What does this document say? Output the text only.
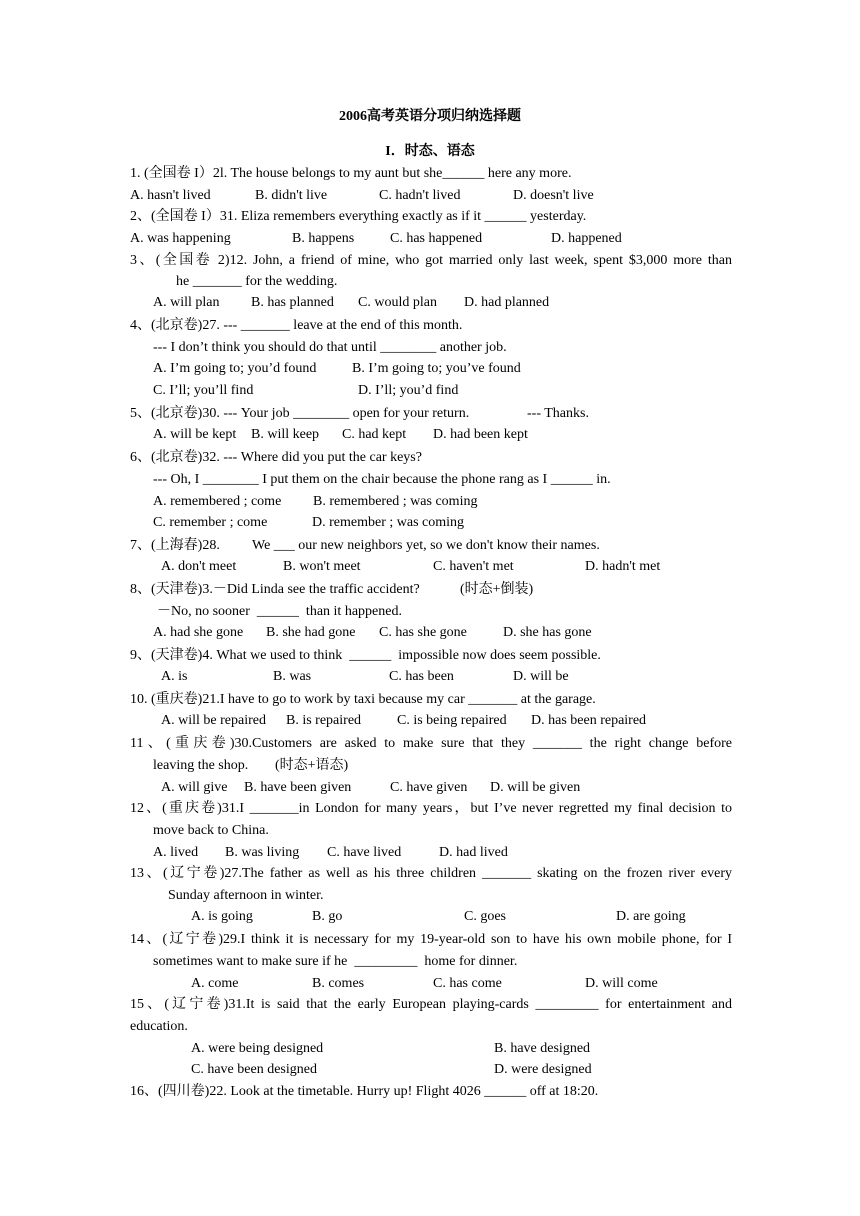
2006高考英语分项归纳选择题
I．时态、语态
1. (全国卷 I）2l. The house belongs to my aunt but she______ here any more.
A. hasn't lived	B. didn't live	C. hadn't lived	D. doesn't live
2、(全国卷 I）31. Eliza remembers everything exactly as if it ______ yesterday.
A. was happening	B. happens	C. has happened	D. happened
3、(全国卷 2)12. John, a friend of mine, who got married only last week, spent $3,000 more than
he _______ for the wedding.
A. will plan B. has planned C. would plan D. had planned
4、(北京卷)27. --- _______ leave at the end of this month.
--- I don’t think you should do that until ________ another job.
A. I’m going to; you’d found	B. I’m going to; you’ve found
C. I’ll; you’ll find	D. I’ll; you’d find
5、(北京卷)30. --- Your job ________ open for your return.	--- Thanks.
A. will be kept B. will keep C. had kept D. had been kept
6、(北京卷)32. --- Where did you put the car keys?
--- Oh, I ________ I put them on the chair because the phone rang as I ______ in.
A. remembered ; come B. remembered ; was coming
C. remember ; come	D. remember ; was coming
7、(上海春)28. We ___ our new neighbors yet, so we don't know their names.
A. don't meet	B. won't meet	C. haven't met	D. hadn't met
8、(天津卷)3.－Did Linda see the traffic accident?	(时态+倒装)
－No, no sooner  ______  than it happened.
A. had she gone B. she had gone C. has she gone	D. she has gone
9、(天津卷)4. What we used to think  ______  impossible now does seem possible.
A. is	B. was	C. has been	D. will be
10. (重庆卷)21.I have to go to work by taxi because my car _______ at the garage.
A. will be repaired B. is repaired	C. is being repaired D. has been repaired
11、(重庆卷)30.Customers are asked to make sure that they _______ the right change before
leaving the shop. (时态+语态)
A. will give B. have been given	C. have given D. will be given
12、(重庆卷)31.I _______in London for many years，but I’ve never regretted my final decision to
move back to China.
A. lived B. was living C. have lived	D. had lived
13、(辽宁卷)27.The father as well as his three children _______ skating on the frozen river every
Sunday afternoon in winter.
A. is going	B. go	C. goes	D. are going
14、(辽宁卷)29.I think it is necessary for my 19-year-old son to have his own mobile phone, for I
sometimes want to make sure if he  _________  home for dinner.
A. come	B. comes	C. has come	D. will come
15、(辽宁卷)31.It is said that the early European playing-cards _________ for entertainment and
education.
A. were being designed	B. have designed
C. have been designed	D. were designed
16、(四川卷)22. Look at the timetable. Hurry up! Flight 4026 ______ off at 18:20.
